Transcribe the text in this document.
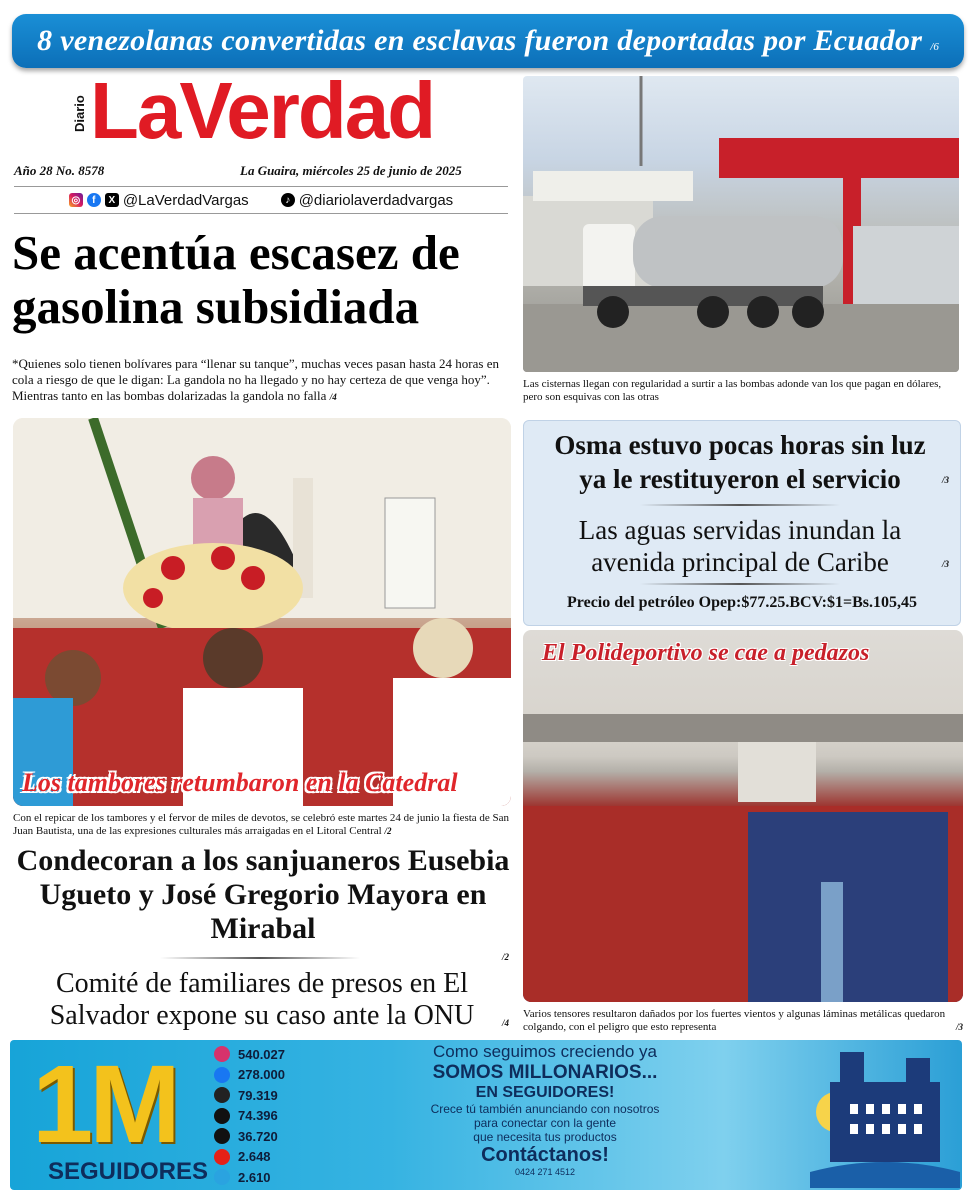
8 venezolanas convertidas en esclavas fueron deportadas por Ecuador /6
Diario LaVerdad
Año 28 No. 8578	La Guaira, miércoles 25 de junio de 2025
◎	f	X @LaVerdadVargas	♪ @diariolaverdadvargas
Se acentúa escasez de gasolina subsidiada
*Quienes solo tienen bolívares para “llenar su tanque”, muchas veces pasan hasta 24 horas en cola a riesgo de que le digan: La gandola no ha llegado y no hay certeza de que venga hoy”. Mientras tanto en las bombas dolarizadas la gandola no falla /4
Las cisternas llegan con regularidad a surtir a las bombas adonde van los que pagan en dólares, pero son esquivas con las otras
Los tambores retumbaron en la Catedral
Con el repicar de los tambores y el fervor de miles de devotos, se celebró este martes 24 de junio la fiesta de San Juan Bautista, una de las expresiones culturales más arraigadas en el Litoral Central /2
Osma estuvo pocas horas sin luz ya le restituyeron el servicio	/3
Las aguas servidas inundan la avenida principal de Caribe	/3
Precio del petróleo Opep:$77.25.BCV:$1=Bs.105,45
El Polideportivo se cae a pedazos
Varios tensores resultaron dañados por los fuertes vientos y algunas láminas metálicas quedaron colgando, con el peligro que esto representa	/3
Condecoran a los sanjuaneros Eusebia Ugueto y José Gregorio Mayora en Mirabal
/2
Comité de familiares de presos en El Salvador expone su caso ante la ONU	/4
1M
SEGUIDORES
540.027
278.000
79.319
74.396
36.720
2.648
2.610
Como seguimos creciendo ya
SOMOS MILLONARIOS...
EN SEGUIDORES!
Crece tú también anunciando con nosotros
para conectar con la gente
que necesita tus productos
Contáctanos!
0424 271 4512
